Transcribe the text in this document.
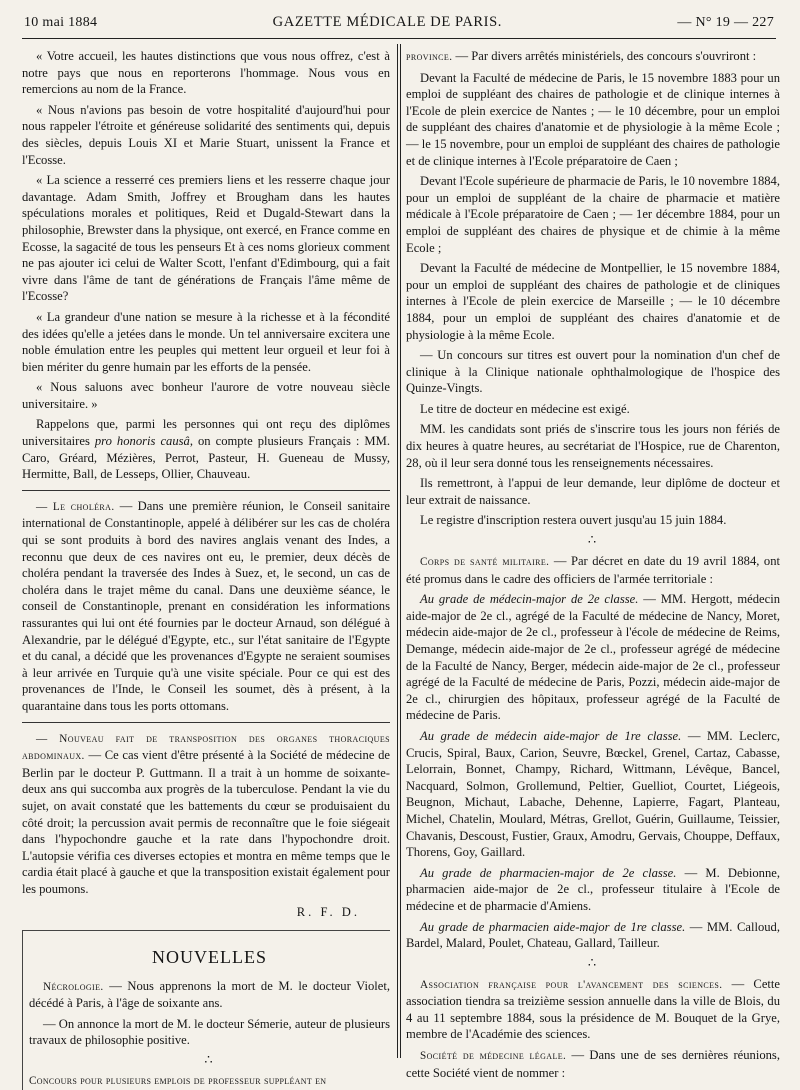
10 mai 1884	GAZETTE MÉDICALE DE PARIS.	— N° 19 — 227

« Votre accueil, les hautes distinctions que vous nous offrez, c'est à notre pays que nous en reporterons l'hommage. Nous vous en remercions au nom de la France.

« Nous n'avions pas besoin de votre hospitalité d'aujourd'hui pour nous rappeler l'étroite et généreuse solidarité des sentiments qui, depuis des siècles, depuis Louis XI et Marie Stuart, unissent la France et l'Ecosse.

« La science a resserré ces premiers liens et les resserre chaque jour davantage. Adam Smith, Joffrey et Brougham dans les hautes spéculations morales et politiques, Reid et Dugald-Stewart dans la philosophie, Brewster dans la physique, ont exercé, en France comme en Ecosse, la sagacité de tous les penseurs Et à ces noms glorieux comment ne pas ajouter ici celui de Walter Scott, l'enfant d'Edimbourg, qui a fait vivre dans l'âme de tant de générations de Français l'âme même de l'Ecosse?

« La grandeur d'une nation se mesure à la richesse et à la fécondité des idées qu'elle a jetées dans le monde. Un tel anniversaire excitera une noble émulation entre les peuples qui mettent leur orgueil et leur foi à bien mériter du genre humain par les efforts de la pensée.

« Nous saluons avec bonheur l'aurore de votre nouveau siècle universitaire. »

Rappelons que, parmi les personnes qui ont reçu des diplômes universitaires pro honoris causâ, on compte plusieurs Français : MM. Caro, Gréard, Mézières, Perrot, Pasteur, H. Gueneau de Mussy, Hermitte, Ball, de Lesseps, Ollier, Chauveau.

— Le choléra. — Dans une première réunion, le Conseil sanitaire international de Constantinople, appelé à délibérer sur les cas de choléra qui se sont produits à bord des navires anglais venant des Indes, a reconnu que deux de ces navires ont eu, le premier, deux décès de choléra pendant la traversée des Indes à Suez, et, le second, un cas de choléra dans le trajet même du canal. Dans une deuxième séance, le conseil de Constantinople, prenant en considération les informations rassurantes qui lui ont été fournies par le docteur Arnaud, son délégué à Alexandrie, par le délégué d'Egypte, etc., sur l'état sanitaire de l'Egypte et du canal, a décidé que les provenances d'Egypte ne seraient soumises à leur arrivée en Turquie qu'à une visite spéciale. Pour ce qui est des provenances de l'Inde, le Conseil les soumet, dès à présent, à la quarantaine dans tous les ports ottomans.

— Nouveau fait de transposition des organes thoraciques abdominaux. — Ce cas vient d'être présenté à la Société de médecine de Berlin par le docteur P. Guttmann. Il a trait à un homme de soixante-deux ans qui succomba aux progrès de la tuberculose. Pendant la vie du sujet, on avait constaté que les battements du cœur se produisaient du côté droit; la percussion avait permis de reconnaître que le foie siégeait dans l'hypochondre gauche et la rate dans l'hypochondre droit. L'autopsie vérifia ces diverses ectopies et montra en même temps que le cardia était placé à gauche et que la transposition existait également pour les poumons.

R. F. D.
NOUVELLES

Nécrologie. — Nous apprenons la mort de M. le docteur Violet, décédé à Paris, à l'âge de soixante ans.

— On annonce la mort de M. le docteur Sémerie, auteur de plusieurs travaux de philosophie positive.

∴

Concours pour plusieurs emplois de professeur suppléant en

province. — Par divers arrêtés ministériels, des concours s'ouvriront :

Devant la Faculté de médecine de Paris, le 15 novembre 1883 pour un emploi de suppléant des chaires de pathologie et de clinique internes à l'Ecole de plein exercice de Nantes ; — le 10 décembre, pour un emploi de suppléant des chaires d'anatomie et de physiologie à la même Ecole ; — le 15 novembre, pour un emploi de suppléant des chaires de pathologie et de clinique internes à l'Ecole préparatoire de Caen ;

Devant l'Ecole supérieure de pharmacie de Paris, le 10 novembre 1884, pour un emploi de suppléant de la chaire de pharmacie et matière médicale à l'Ecole préparatoire de Caen ; — 1er décembre 1884, pour un emploi de suppléant des chaires de physique et de chimie à la même Ecole ;

Devant la Faculté de médecine de Montpellier, le 15 novembre 1884, pour un emploi de suppléant des chaires de pathologie et de cliniques internes à l'Ecole de plein exercice de Marseille ; — le 10 décembre 1884, pour un emploi de suppléant des chaires d'anatomie et de physiologie à la même Ecole.

— Un concours sur titres est ouvert pour la nomination d'un chef de clinique à la Clinique nationale ophthalmologique de l'hospice des Quinze-Vingts.

Le titre de docteur en médecine est exigé.

MM. les candidats sont priés de s'inscrire tous les jours non fériés de dix heures à quatre heures, au secrétariat de l'Hospice, rue de Charenton, 28, où il leur sera donné tous les renseignements nécessaires.

Ils remettront, à l'appui de leur demande, leur diplôme de docteur et leur extrait de naissance.

Le registre d'inscription restera ouvert jusqu'au 15 juin 1884.

∴

Corps de santé militaire. — Par décret en date du 19 avril 1884, ont été promus dans le cadre des officiers de l'armée territoriale :

Au grade de médecin-major de 2e classe. — MM. Hergott, médecin aide-major de 2e cl., agrégé de la Faculté de médecine de Nancy, Moret, médecin aide-major de 2e cl., professeur à l'école de médecine de Reims, Demange, médecin aide-major de 2e cl., professeur agrégé de médecine de la Faculté de Nancy, Berger, médecin aide-major de 2e cl., professeur agrégé de la Faculté de médecine de Paris, Pozzi, médecin aide-major de 2e cl., chirurgien des hôpitaux, professeur agrégé de la Faculté de médecine de Paris.

Au grade de médecin aide-major de 1re classe. — MM. Leclerc, Crucis, Spiral, Baux, Carion, Seuvre, Bœckel, Grenel, Cartaz, Cabasse, Lelorrain, Bonnet, Champy, Richard, Wittmann, Lévêque, Bancel, Nacquard, Solmon, Grollemund, Peltier, Guelliot, Courtet, Liégeois, Beugnon, Michaut, Labache, Dehenne, Lapierre, Fagart, Planteau, Michel, Chatelin, Moulard, Métras, Grellot, Guérin, Guillaume, Teissier, Chavanis, Descoust, Fustier, Graux, Amodru, Gervais, Chouppe, Deffaux, Thorens, Goy, Gaillard.

Au grade de pharmacien-major de 2e classe. — M. Debionne, pharmacien aide-major de 2e cl., professeur titulaire à l'Ecole de médecine et de pharmacie d'Amiens.

Au grade de pharmacien aide-major de 1re classe. — MM. Calloud, Bardel, Malard, Poulet, Chateau, Gallard, Tailleur.

∴

Association française pour l'avancement des sciences. — Cette association tiendra sa treizième session annuelle dans la ville de Blois, du 4 au 11 septembre 1884, sous la présidence de M. Bouquet de la Grye, membre de l'Académie des sciences.

Société de médecine légale. — Dans une de ses dernières réunions, cette Société vient de nommer :
